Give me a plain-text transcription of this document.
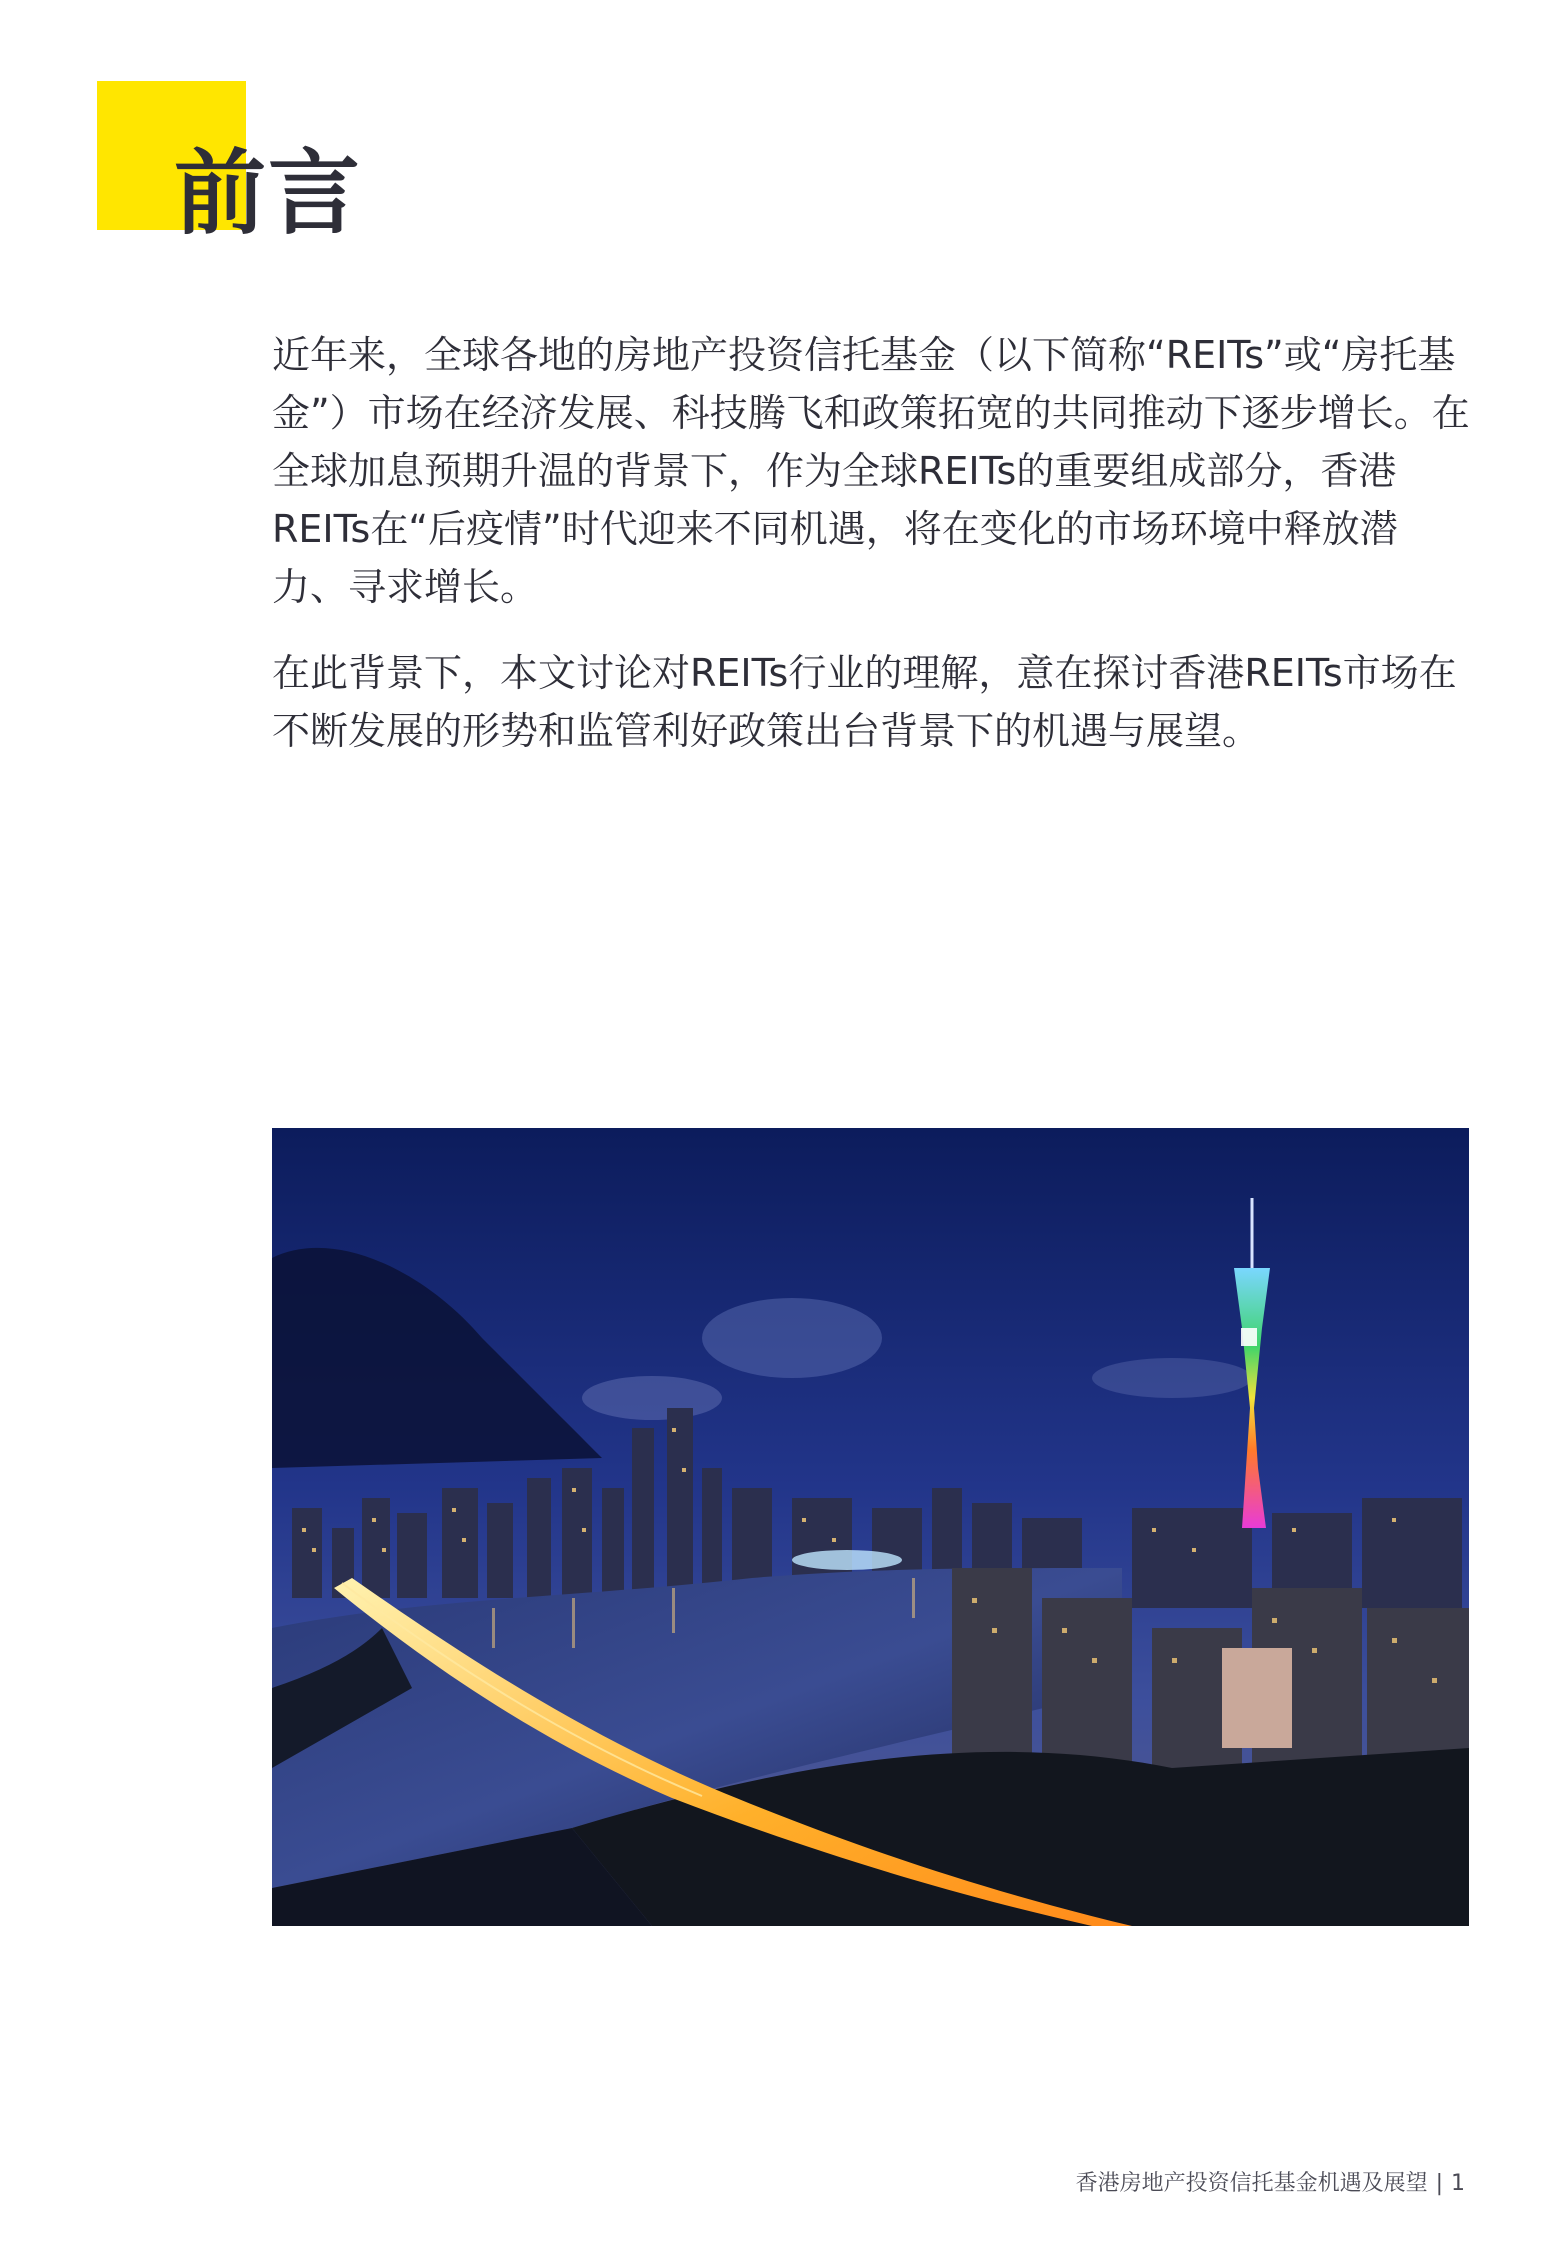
前言

近年来，全球各地的房地产投资信托基金（以下简称“REITs”或“房托基金”）市场在经济发展、科技腾飞和政策拓宽的共同推动下逐步增长。在全球加息预期升温的背景下，作为全球REITs的重要组成部分，香港REITs在“后疫情”时代迎来不同机遇，将在变化的市场环境中释放潜力、寻求增长。

在此背景下，本文讨论对REITs行业的理解，意在探讨香港REITs市场在不断发展的形势和监管利好政策出台背景下的机遇与展望。

香港房地产投资信托基金机遇及展望 | 1
